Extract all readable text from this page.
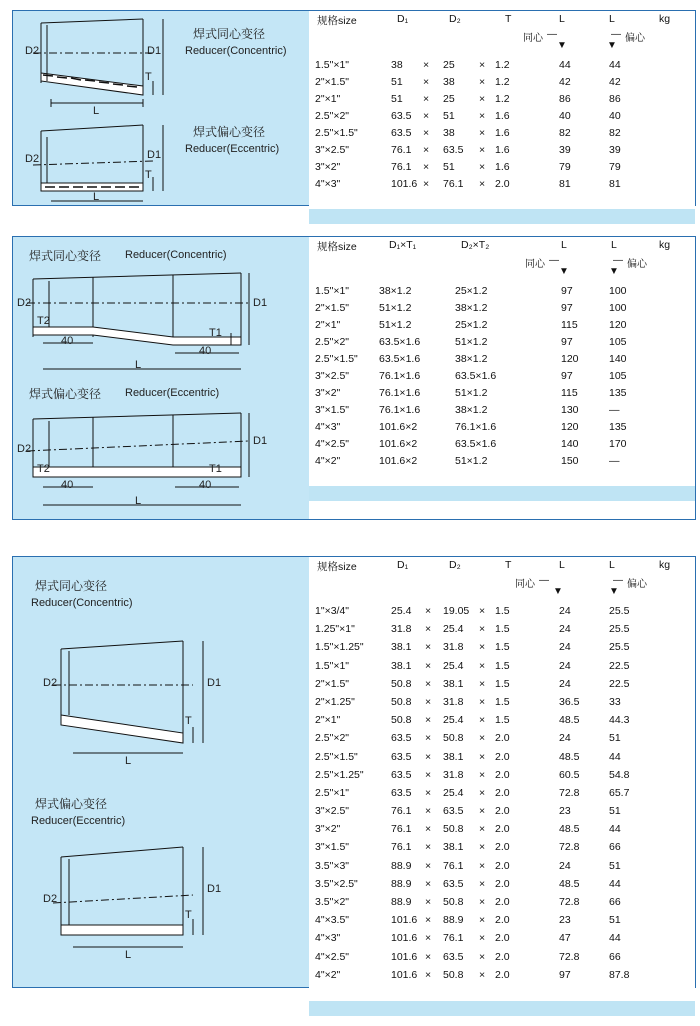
D2	D1
T
L
D2	D1
T
L
焊式同心变径
Reducer(Concentric)
焊式偏心变径
Reducer(Eccentric)
规格size	D₁	D₂	T	L	L	kg
同心 —
▼	▼
— 偏心
1.5"×1"	38 × 25 × 1.2	44	44
2"×1.5"	51 × 38 × 1.2	42	42
2"×1"	51 × 25 × 1.2	86	86
2.5"×2"	63.5 × 51 × 1.6	40	40
2.5"×1.5"	63.5 × 38 × 1.6	82	82
3"×2.5"	76.1 × 63.5 × 1.6	39	39
3"×2"	76.1 × 51 × 1.6	79	79
4"×3"	101.6 × 76.1 × 2.0	81	81
焊式同心变径 Reducer(Concentric)
焊式偏心变径 Reducer(Eccentric)
D2	D1
T2
T1
40
40
L
D2
D1
T2	T1
40	40
L
规格size	D₁×T₁	D₂×T₂	L	L	kg
同心 —
▼	▼
— 偏心
1.5"×1"	38×1.2	25×1.2	97	100
2"×1.5"	51×1.2	38×1.2	97	100
2"×1"	51×1.2	25×1.2	115	120
2.5"×2"	63.5×1.6	51×1.2	97	105
2.5"×1.5" 63.5×1.6	38×1.2	120	140
3"×2.5"	76.1×1.6	63.5×1.6	97	105
3"×2"	76.1×1.6	51×1.2	115	135
3"×1.5"	76.1×1.6	38×1.2	130	—
4"×3"	101.6×2	76.1×1.6	120	135
4"×2.5"	101.6×2	63.5×1.6	140	170
4"×2"	101.6×2	51×1.2	150	—
焊式同心变径
Reducer(Concentric)
焊式偏心变径
Reducer(Eccentric)
D2	D1
T
L
D2
D1
T
L
规格size	D₁	D₂	T	L	L	kg
同心 —
▼	▼
— 偏心
1"×3/4"	25.4 × 19.05 × 1.5	24	25.5
1.25"×1"	31.8 × 25.4 × 1.5	24	25.5
1.5"×1.25"	38.1 × 31.8 × 1.5	24	25.5
1.5"×1"	38.1 × 25.4 × 1.5	24	22.5
2"×1.5"	50.8 × 38.1 × 1.5	24	22.5
2"×1.25"	50.8 × 31.8 × 1.5	36.5	33
2"×1"	50.8 × 25.4 × 1.5	48.5	44.3
2.5"×2"	63.5 × 50.8 × 2.0	24	51
2.5"×1.5"	63.5 × 38.1 × 2.0	48.5	44
2.5"×1.25"	63.5 × 31.8 × 2.0	60.5	54.8
2.5"×1"	63.5 × 25.4 × 2.0	72.8	65.7
3"×2.5"	76.1 × 63.5 × 2.0	23	51
3"×2"	76.1 × 50.8 × 2.0	48.5	44
3"×1.5"	76.1 × 38.1 × 2.0	72.8	66
3.5"×3"	88.9 × 76.1 × 2.0	24	51
3.5"×2.5"	88.9 × 63.5 × 2.0	48.5	44
3.5"×2"	88.9 × 50.8 × 2.0	72.8	66
4"×3.5"	101.6 × 88.9 × 2.0	23	51
4"×3"	101.6 × 76.1 × 2.0	47	44
4"×2.5"	101.6 × 63.5 × 2.0	72.8	66
4"×2"	101.6 × 50.8 × 2.0	97	87.8
